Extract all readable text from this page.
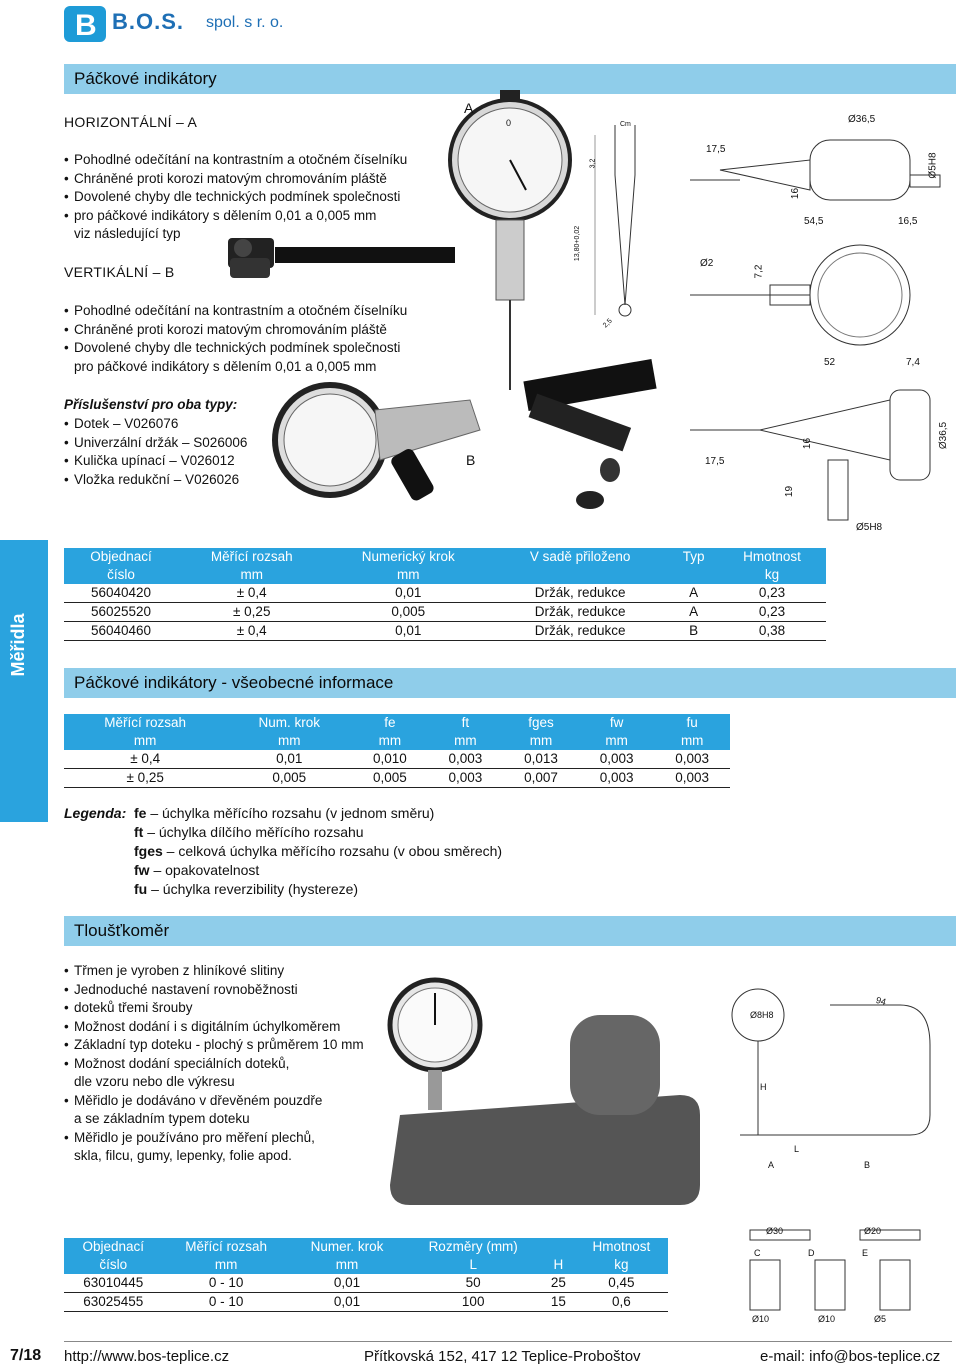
B B.O.S. spol. s r. o.
Páčkové indikátory
HORIZONTÁLNÍ – A
• Pohodlné odečítání na kontrastním a otočném číselníku
• Chráněné proti korozi matovým chromováním pláště
• Dovolené chyby dle technických podmínek společnosti
• pro páčkové indikátory s dělením 0,01 a 0,005 mm
viz následující typ
VERTIKÁLNÍ – B
• Pohodlné odečítání na kontrastním a otočném číselníku
• Chráněné proti korozi matovým chromováním pláště
• Dovolené chyby dle technických podmínek společnosti
pro páčkové indikátory s dělením 0,01 a 0,005 mm
Příslušenství pro oba typy:
• Dotek – V026076
• Univerzální držák – S026006
• Kulička upínací – V026012
• Vložka redukční – V026026
0
A
Cm
3,2
13,80+0,02
2,5
Ø36,5
17,5
16
54,5	16,5
Ø5H8
Ø2
7,2
52	7,4
B	17,5
16
19
Ø36,5
Ø5H8
Měřidla
Objednací	Měřící rozsah	Numerický krok	V sadě přiloženo	Typ	Hmotnost
číslo	mm	mm			kg
56040420	± 0,4	0,01	Držák, redukce	A	0,23
56025520	± 0,25	0,005	Držák, redukce	A	0,23
56040460	± 0,4	0,01	Držák, redukce	B	0,38
Páčkové indikátory - všeobecné informace
Měřící rozsah	Num. krok	fe	ft	fges	fw	fu
mm	mm	mm	mm	mm	mm	mm
± 0,4	0,01	0,010	0,003	0,013	0,003	0,003
± 0,25	0,005	0,005	0,003	0,007	0,003	0,003
Legenda: fe – úchylka měřícího rozsahu (v jednom směru)
ft – úchylka dílčího měřícího rozsahu
fges – celková úchylka měřícího rozsahu (v obou směrech)
fw – opakovatelnost
fu – úchylka reverzibility (hystereze)
Tloušťkoměr
• Třmen je vyroben z hliníkové slitiny
• Jednoduché nastavení rovnoběžnosti
• doteků třemi šrouby
• Možnost dodání i s digitálním úchylkoměrem
• Základní typ doteku - plochý s průměrem 10 mm
• Možnost dodání speciálních doteků,
dle vzoru nebo dle výkresu
• Měřidlo je dodáváno v dřevěném pouzdře
a se základním typem doteku
• Měřidlo je používáno pro měření plechů,
skla, filcu, gumy, lepenky, folie apod.
94
Ø8H8
H
L
A	B
Ø30	Ø20
C	D	E
Ø10	Ø10	Ø5
Objednací	Měřící rozsah	Numer. krok	Rozměry (mm)		Hmotnost
číslo	mm	mm	L	H	kg
63010445	0 - 10	0,01	50	25	0,45
63025455	0 - 10	0,01	100	15	0,6
7/18 http://www.bos-teplice.cz	Přítkovská 152, 417 12 Teplice-Proboštov	e-mail: info@bos-teplice.cz
